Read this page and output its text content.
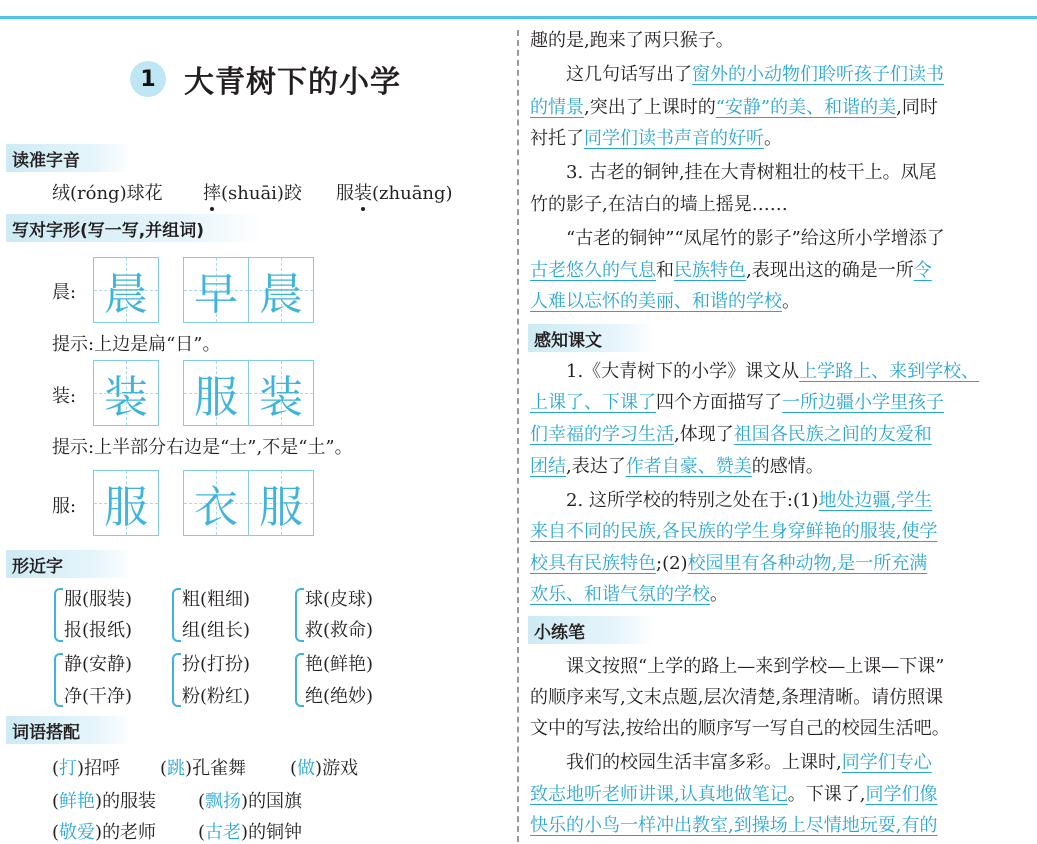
1 大青树下的小学
读准字音
绒(róng)球花 摔(shuāi)跤 服装(zhuāng)
写对字形(写一写,并组词)
晨: 晨 早 晨
提示:上边是扁“日”。
装: 装 服 装
提示:上半部分右边是“士”,不是“土”。
服: 服 衣 服
形近字
服(服装)
报(报纸)
粗(粗细)
组(组长)
球(皮球)
救(救命)
静(安静)
净(干净)
扮(打扮)
粉(粉红)
艳(鲜艳)
绝(绝妙)
词语搭配
(打)招呼 (跳)孔雀舞 (做)游戏
(鲜艳)的服装 (飘扬)的国旗
(敬爱)的老师 (古老)的铜钟
趣的是,跑来了两只猴子。
这几句话写出了窗外的小动物们聆听孩子们读书
的情景,突出了上课时的“安静”的美、和谐的美,同时
衬托了同学们读书声音的好听。
3. 古老的铜钟,挂在大青树粗壮的枝干上。凤尾
竹的影子,在洁白的墙上摇晃……
“古老的铜钟”“凤尾竹的影子”给这所小学增添了
古老悠久的气息和民族特色,表现出这的确是一所令
人难以忘怀的美丽、和谐的学校。
感知课文
1.《大青树下的小学》课文从上学路上、来到学校、
上课了、下课了四个方面描写了一所边疆小学里孩子
们幸福的学习生活,体现了祖国各民族之间的友爱和
团结,表达了作者自豪、赞美的感情。
2. 这所学校的特别之处在于:(1)地处边疆,学生
来自不同的民族,各民族的学生身穿鲜艳的服装,使学
校具有民族特色;(2)校园里有各种动物,是一所充满
欢乐、和谐气氛的学校。
小练笔
课文按照“上学的路上—来到学校—上课—下课”
的顺序来写,文末点题,层次清楚,条理清晰。请仿照课
文中的写法,按给出的顺序写一写自己的校园生活吧。
我们的校园生活丰富多彩。上课时,同学们专心
致志地听老师讲课,认真地做笔记。下课了,同学们像
快乐的小鸟一样冲出教室,到操场上尽情地玩耍,有的
